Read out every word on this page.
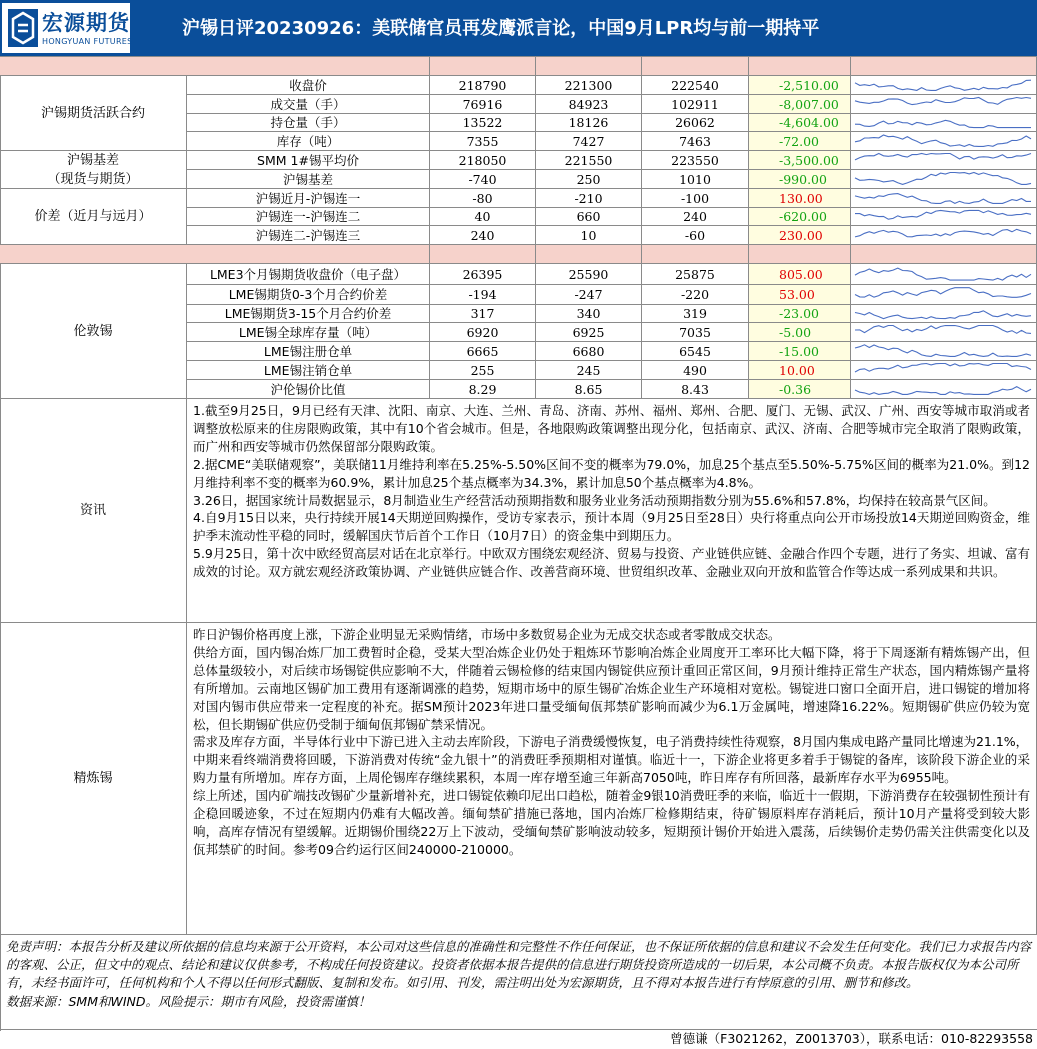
宏源期货
HONGYUAN FUTURES
沪锡日评20230926：美联储官员再发鹰派言论，中国9月LPR均与前一期持平
沪锡期货活跃合约
收盘价	218790	221300	222540	-2,510.00
成交量（手）	76916	84923	102911	-8,007.00
持仓量（手）	13522	18126	26062	-4,604.00
库存（吨）	7355	7427	7463	-72.00
沪锡基差
（现货与期货）
SMM 1#锡平均价	218050	221550	223550	-3,500.00
沪锡基差	-740	250	1010	-990.00
价差（近月与远月）
沪锡近月-沪锡连一	-80	-210	-100	130.00
沪锡连一-沪锡连二	40	660	240	-620.00
沪锡连二-沪锡连三	240	10	-60	230.00
伦敦锡
LME3个月锡期货收盘价（电子盘）	26395	25590	25875	805.00
LME锡期货0-3个月合约价差	-194	-247	-220	53.00
LME锡期货3-15个月合约价差	317	340	319	-23.00
LME锡全球库存量（吨）	6920	6925	7035	-5.00
LME锡注册仓单	6665	6680	6545	-15.00
LME锡注销仓单	255	245	490	10.00
沪伦锡价比值	8.29	8.65	8.43	-0.36
资讯
精炼锡

1.截至9月25日，9月已经有天津、沈阳、南京、大连、兰州、青岛、济南、苏州、福州、郑州、合肥、厦门、无锡、武汉、广州、西安等城市取消或者调整放松原来的住房限购政策，其中有10个省会城市。但是，各地限购政策调整出现分化，包括南京、武汉、济南、合肥等城市完全取消了限购政策，而广州和西安等城市仍然保留部分限购政策。

2.据CME“美联储观察”，美联储11月维持利率在5.25%-5.50%区间不变的概率为79.0%，加息25个基点至5.50%-5.75%区间的概率为21.0%。到12月维持利率不变的概率为60.9%，累计加息25个基点概率为34.3%，累计加息50个基点概率为4.8%。

3.26日，据国家统计局数据显示，8月制造业生产经营活动预期指数和服务业业务活动预期指数分别为55.6%和57.8%，均保持在较高景气区间。

4.自9月15日以来，央行持续开展14天期逆回购操作，受访专家表示，预计本周（9月25日至28日）央行将重点向公开市场投放14天期逆回购资金，维护季末流动性平稳的同时，缓解国庆节后首个工作日（10月7日）的资金集中到期压力。

5.9月25日，第十次中欧经贸高层对话在北京举行。中欧双方围绕宏观经济、贸易与投资、产业链供应链、金融合作四个专题，进行了务实、坦诚、富有成效的讨论。双方就宏观经济政策协调、产业链供应链合作、改善营商环境、世贸组织改革、金融业双向开放和监管合作等达成一系列成果和共识。

昨日沪锡价格再度上涨，下游企业明显无采购情绪，市场中多数贸易企业为无成交状态或者零散成交状态。

供给方面，国内锡冶炼厂加工费暂时企稳，受某大型冶炼企业仍处于粗炼环节影响冶炼企业周度开工率环比大幅下降，将于下周逐渐有精炼锡产出，但总体量级较小，对后续市场锡锭供应影响不大，伴随着云锡检修的结束国内锡锭供应预计重回正常区间，9月预计维持正常生产状态，国内精炼锡产量将有所增加。云南地区锡矿加工费用有逐渐调涨的趋势，短期市场中的原生锡矿冶炼企业生产环境相对宽松。锡锭进口窗口全面开启，进口锡锭的增加将对国内锡市供应带来一定程度的补充。据SM预计2023年进口量受缅甸佤邦禁矿影响而减少为6.1万金属吨，增速降16.22%。短期锡矿供应仍较为宽松，但长期锡矿供应仍受制于缅甸佤邦锡矿禁采情况。

需求及库存方面，半导体行业中下游已进入主动去库阶段，下游电子消费缓慢恢复，电子消费持续性待观察，8月国内集成电路产量同比增速为21.1%，

中期来看终端消费将回暖，下游消费对传统“金九银十”的消费旺季预期相对谨慎。临近十一，下游企业将更多着手于锡锭的备库，该阶段下游企业的采购力量有所增加。库存方面，上周伦锡库存继续累积，本周一库存增至逾三年新高7050吨，昨日库存有所回落，最新库存水平为6955吨。

综上所述，国内矿端技改锡矿少量新增补充，进口锡锭依赖印尼出口趋松，随着金9银10消费旺季的来临，临近十一假期，下游消费存在较强韧性预计有企稳回暖迹象，不过在短期内仍难有大幅改善。缅甸禁矿措施已落地，国内冶炼厂检修期结束，待矿锡原料库存消耗后，预计10月产量将受到较大影响，高库存情况有望缓解。近期锡价围绕22万上下波动，受缅甸禁矿影响波动较多，短期预计锡价开始进入震荡，后续锡价走势仍需关注供需变化以及佤邦禁矿的时间。参考09合约运行区间240000-210000。

免责声明：本报告分析及建议所依据的信息均来源于公开资料，本公司对这些信息的准确性和完整性不作任何保证，也不保证所依据的信息和建议不会发生任何变化。我们已力求报告内容的客观、公正，但文中的观点、结论和建议仅供参考，不构成任何投资建议。投资者依据本报告提供的信息进行期货投资所造成的一切后果，本公司概不负责。本报告版权仅为本公司所有，未经书面许可，任何机构和个人不得以任何形式翻版、复制和发布。如引用、刊发，需注明出处为宏源期货，且不得对本报告进行有悖原意的引用、删节和修改。

数据来源：SMM和WIND。风险提示：期市有风险，投资需谨慎！

曾德谦（F3021262，Z0013703），联系电话：010-82293558
